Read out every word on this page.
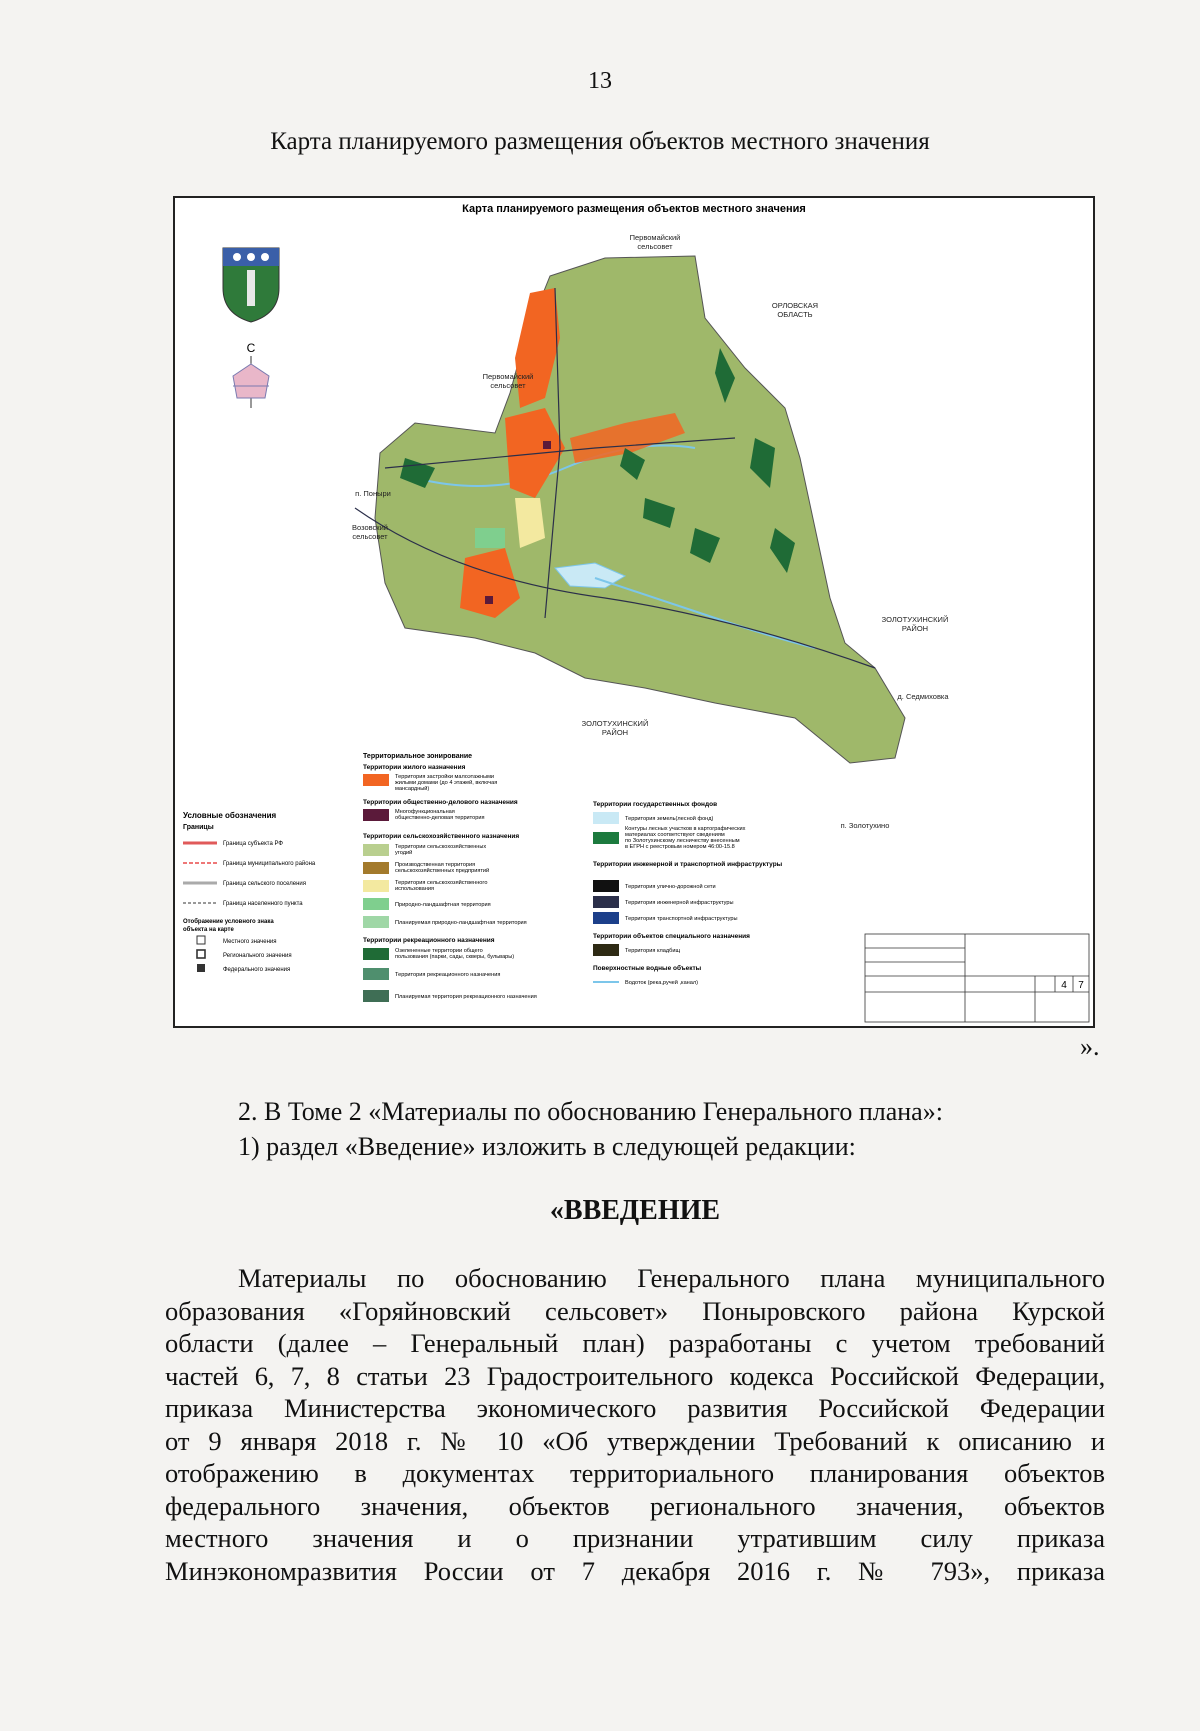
13
Карта планируемого размещения объектов местного значения
Карта планируемого размещения объектов местного значения
С
Первомайский
сельсовет
ОРЛОВСКАЯ
ОБЛАСТЬ
Первомайский
сельсовет
п. Поныри
Возовский
сельсовет
ЗОЛОТУХИНСКИЙ
РАЙОН
д. Седмиховка
ЗОЛОТУХИНСКИЙ
РАЙОН
п. Золотухино
Условные обозначения
Границы
Граница субъекта РФ
Граница муниципального района
Граница сельского поселения
Граница населенного пункта
Отображение условного знака
объекта на карте
Местного значения
Регионального значения
Федерального значения
Территориальное зонирование
Территории жилого назначения
Территория застройки малоэтажными
жилыми домами (до 4 этажей, включая
мансардный)
Территории общественно-делового назначения
Многофункциональная
общественно-деловая территория
Территории сельскохозяйственного назначения
Территории сельскохозяйственных
угодий
Производственная территория
сельскохозяйственных предприятий
Территория сельскохозяйственного
использования
Природно-ландшафтная территория
Планируемая природно-ландшафтная территория
Территории рекреационного назначения
Озелененные территории общего
пользования (парки, сады, скверы, бульвары)
Территория рекреационного назначения
Планируемая территория рекреационного назначения
Территории государственных фондов
Территория земель(лесной фонд)
Контуры лесных участков в картографических
материалах соответствуют сведениям
по Золотухинскому лесничеству внесенным
в ЕГРН с реестровым номером 46:00-15.8
Территории инженерной и транспортной инфраструктуры
Территория улично-дорожной сети
Территория инженерной инфраструктуры
Территория транспортной инфраструктуры
Территории объектов специального назначения
Территория кладбищ
Поверхностные водные объекты
Водоток (река,ручей ,канал)	4 7
».
2. В Томе 2 «Материалы по обоснованию Генерального плана»:
1) раздел «Введение» изложить в следующей редакции:
«ВВЕДЕНИЕ
Материалы по обоснованию Генерального плана муниципального
образования «Горяйновский сельсовет» Поныровского района Курской
области (далее – Генеральный план) разработаны с учетом требований
частей 6, 7, 8 статьи 23 Градостроительного кодекса Российской Федерации,
приказа Министерства экономического развития Российской Федерации
от 9 января 2018 г. № 10 «Об утверждении Требований к описанию и
отображению в документах территориального планирования объектов
федерального значения, объектов регионального значения, объектов
местного значения и о признании утратившим силу приказа
Минэкономразвития России от 7 декабря 2016 г. № 793», приказа
